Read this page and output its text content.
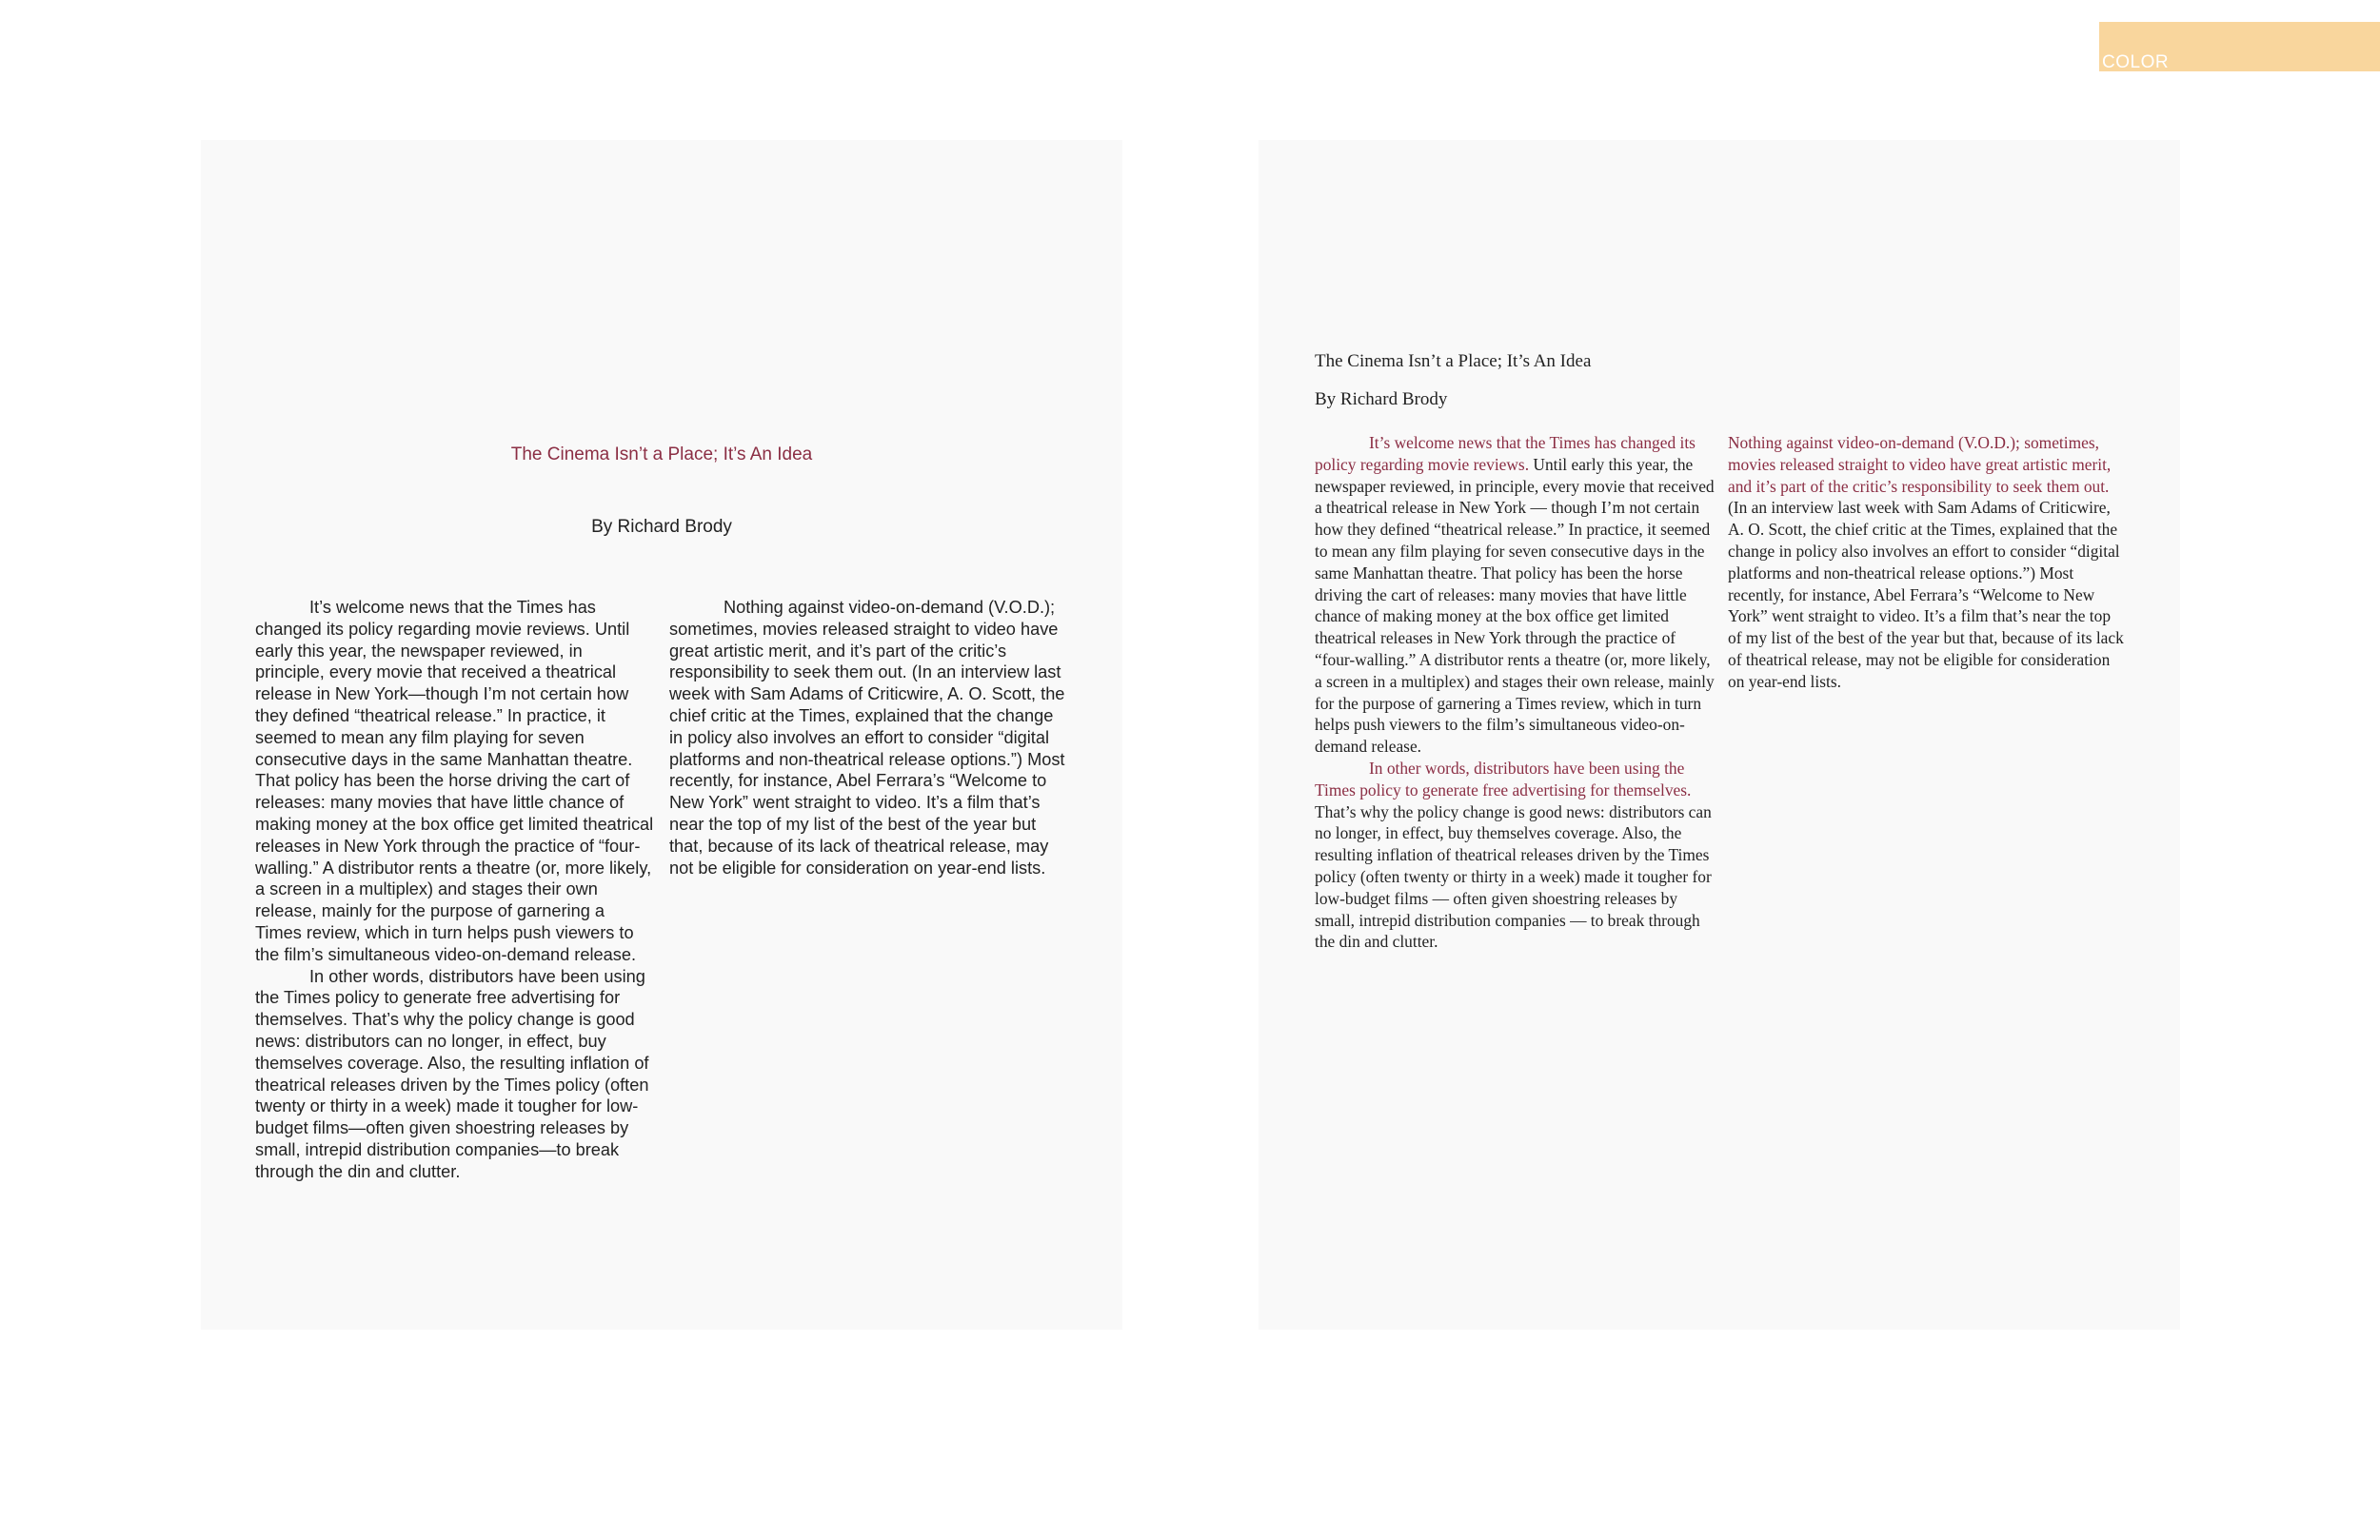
COLOR
The Cinema Isn’t a Place; It’s An Idea
By Richard Brody

It’s welcome news that the Times has changed its policy regarding movie reviews. Until early this year, the newspaper reviewed, in principle, every movie that received a theatrical release in New York—though I’m not certain how they defined “theatrical release.” In practice, it seemed to mean any film playing for seven consecutive days in the same Manhattan theatre. That policy has been the horse driving the cart of releases: many movies that have little chance of making money at the box office get limited theatrical releases in New York through the practice of “four-walling.” A distributor rents a theatre (or, more likely, a screen in a multiplex) and stages their own release, mainly for the purpose of garnering a Times review, which in turn helps push viewers to the film’s simultaneous video-on-demand release.

In other words, distributors have been using the Times policy to generate free advertising for themselves. That’s why the policy change is good news: distributors can no longer, in effect, buy themselves coverage. Also, the resulting inflation of theatrical releases driven by the Times policy (often twenty or thirty in a week) made it tougher for low-budget films—often given shoestring releases by small, intrepid distribution companies—to break through the din and clutter.

Nothing against video-on-demand (V.O.D.); sometimes, movies released straight to video have great artistic merit, and it’s part of the critic’s responsibility to seek them out. (In an interview last week with Sam Adams of Criticwire, A. O. Scott, the chief critic at the Times, explained that the change in policy also involves an effort to consider “digital platforms and non-theatrical release options.”) Most recently, for instance, Abel Ferrara’s “Welcome to New York” went straight to video. It’s a film that’s near the top of my list of the best of the year but that, because of its lack of theatrical release, may not be eligible for consideration on year-end lists.

The Cinema Isn’t a Place; It’s An Idea
By Richard Brody

It’s welcome news that the Times has changed its policy regarding movie reviews. Until early this year, the newspaper reviewed, in principle, every movie that received a theatrical release in New York — though I’m not certain how they defined “theatrical release.” In practice, it seemed to mean any film playing for seven consecutive days in the same Manhattan theatre. That policy has been the horse driving the cart of releases: many movies that have little chance of making money at the box office get limited theatrical releases in New York through the practice of “four-walling.” A distributor rents a theatre (or, more likely, a screen in a multiplex) and stages their own release, mainly for the purpose of garnering a Times review, which in turn helps push viewers to the film’s simultaneous video-on-demand release.

In other words, distributors have been using the Times policy to generate free advertising for themselves. That’s why the policy change is good news: distributors can no longer, in effect, buy themselves coverage. Also, the resulting inflation of theatrical releases driven by the Times policy (often twenty or thirty in a week) made it tougher for low-budget films — often given shoestring releases by small, intrepid distribution companies — to break through the din and clutter.

Nothing against video-on-demand (V.O.D.); sometimes, movies released straight to video have great artistic merit, and it’s part of the critic’s responsibility to seek them out. (In an interview last week with Sam Adams of Criticwire, A. O. Scott, the chief critic at the Times, explained that the change in policy also involves an effort to consider “digital platforms and non-theatrical release options.”) Most recently, for instance, Abel Ferrara’s “Welcome to New York” went straight to video. It’s a film that’s near the top of my list of the best of the year but that, because of its lack of theatrical release, may not be eligible for consideration on year-end lists.
